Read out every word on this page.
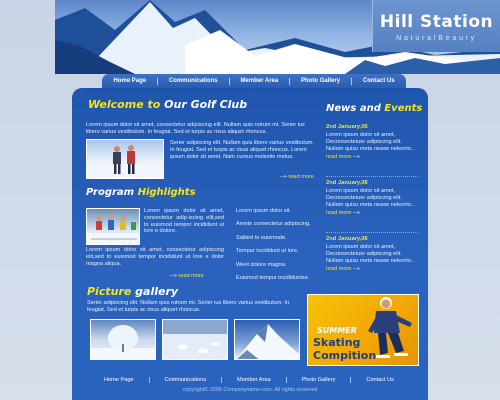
Hill Station
NaturalBeauty
Home Page	Communications	Member Area	Photo Gallery	Contact Us
Welcome to Our Golf Club

Lorem ipsum dolor sit amet, consectetur adipiscing elit. Nullam quis rutrum mi. Serier ius libero varius vestibulum. In feugiat. Sed et turpis ac risus aliquet rhoncus.

Serier adipiscing elit. Nullam quis libero varius vestibulum. In feugiat. Sed et turpis ac risus aliquet rhoncus. Lorem ipsum dolor sit amet, Nam cursus molestie metus.

--» read more
Program Highlights

Lorem ipsum dolor sit amet, consectetur adip-iscing elit,sed to euismod tempor incididunt ut lore e dolore.

Lorem ipsum dolor sit amet, consectetur adipiscing elit,sed to euismod tempor incididunt ut lore e dolor magna aliqua.

Lorem ipsum dolor sit.
Amete consectetur adipiscing.
Salited to euismode.
Tempur incididunt ut lore.
Weet dolore magna.
Euismod tempur incididuntse.
--» read more
Picture gallery

Serier adipiscing elit. Nullam quis rutrum mi. Serier ius libero varius vestibulum. In feugiat. Sed et turpis ac risus aliquet rhoncus.

News and Events
2nd January,06
Lorem ipsum dolor sit amet, Deconsectetuer adipiscing elit. Nullam quisu meta nease neleorto..
read more --»
2nd January,06
Lorem ipsum dolor sit amet, Deconsectetuer adipiscing elit. Nullam quisu meta nease neleorto..
read more --»
2nd January,06
Lorem ipsum dolor sit amet, Deconsectetuer adipiscing elit. Nullam quisu meta nease neleorto..
read more --»
SUMMER
Skating
Compition
Home Page	Communications	Member Area	Photo Gallery	Contact Us
copyright© 2006 Companyname.com. All rights reserved
